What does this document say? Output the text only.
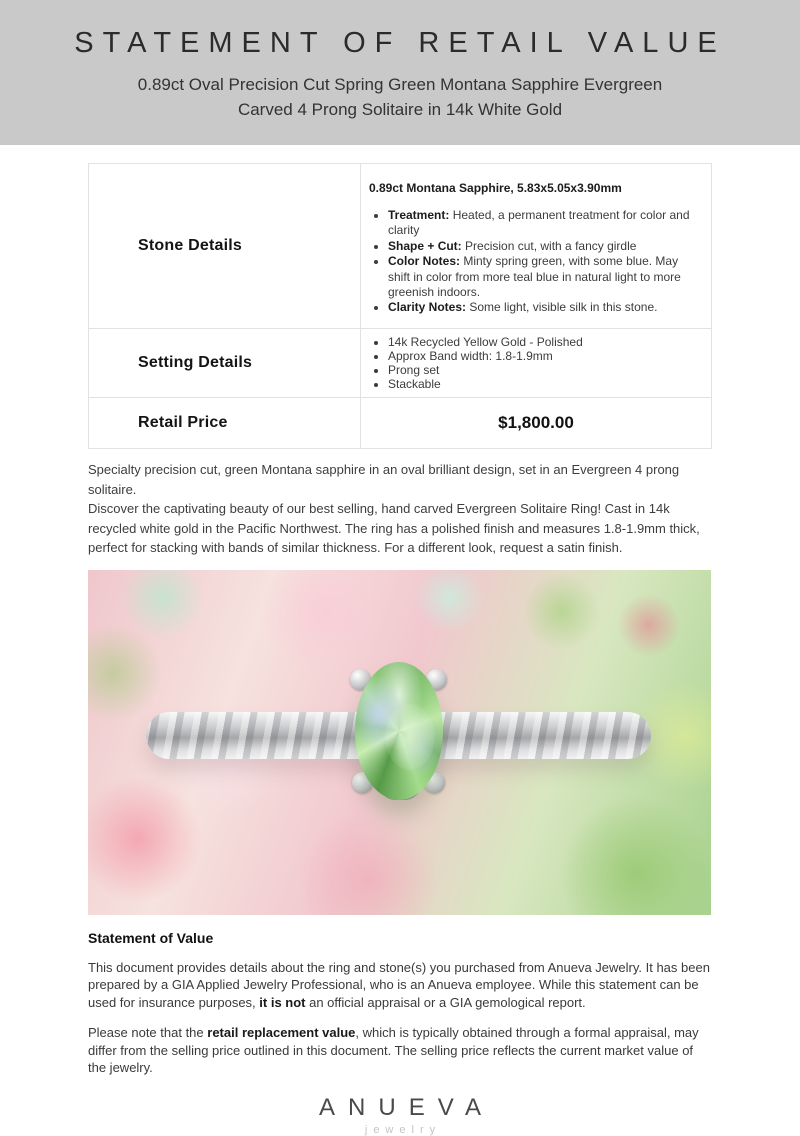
STATEMENT OF RETAIL VALUE
0.89ct Oval Precision Cut Spring Green Montana Sapphire Evergreen
Carved 4 Prong Solitaire in 14k White Gold
Stone Details	
0.89ct Montana Sapphire, 5.83x5.05x3.90mm
• Treatment: Heated, a permanent treatment for color and clarity
• Shape + Cut: Precision cut, with a fancy girdle
• Color Notes: Minty spring green, with some blue. May shift in color from more teal blue in natural light to more greenish indoors.
• Clarity Notes: Some light, visible silk in this stone.

Setting Details	
• 14k Recycled Yellow Gold - Polished
• Approx Band width: 1.8-1.9mm
• Prong set
• Stackable

Retail Price	$1,800.00
Specialty precision cut, green Montana sapphire in an oval brilliant design, set in an Evergreen 4 prong solitaire.
Discover the captivating beauty of our best selling, hand carved Evergreen Solitaire Ring! Cast in 14k recycled white gold in the Pacific Northwest. The ring has a polished finish and measures 1.8-1.9mm thick, perfect for stacking with bands of similar thickness. For a different look, request a satin finish.
Statement of Value
This document provides details about the ring and stone(s) you purchased from Anueva Jewelry. It has been prepared by a GIA Applied Jewelry Professional, who is an Anueva employee. While this statement can be used for insurance purposes, it is not an official appraisal or a GIA gemological report.
Please note that the retail replacement value, which is typically obtained through a formal appraisal, may differ from the selling price outlined in this document. The selling price reflects the current market value of the jewelry.
ANUEVA
jewelry
